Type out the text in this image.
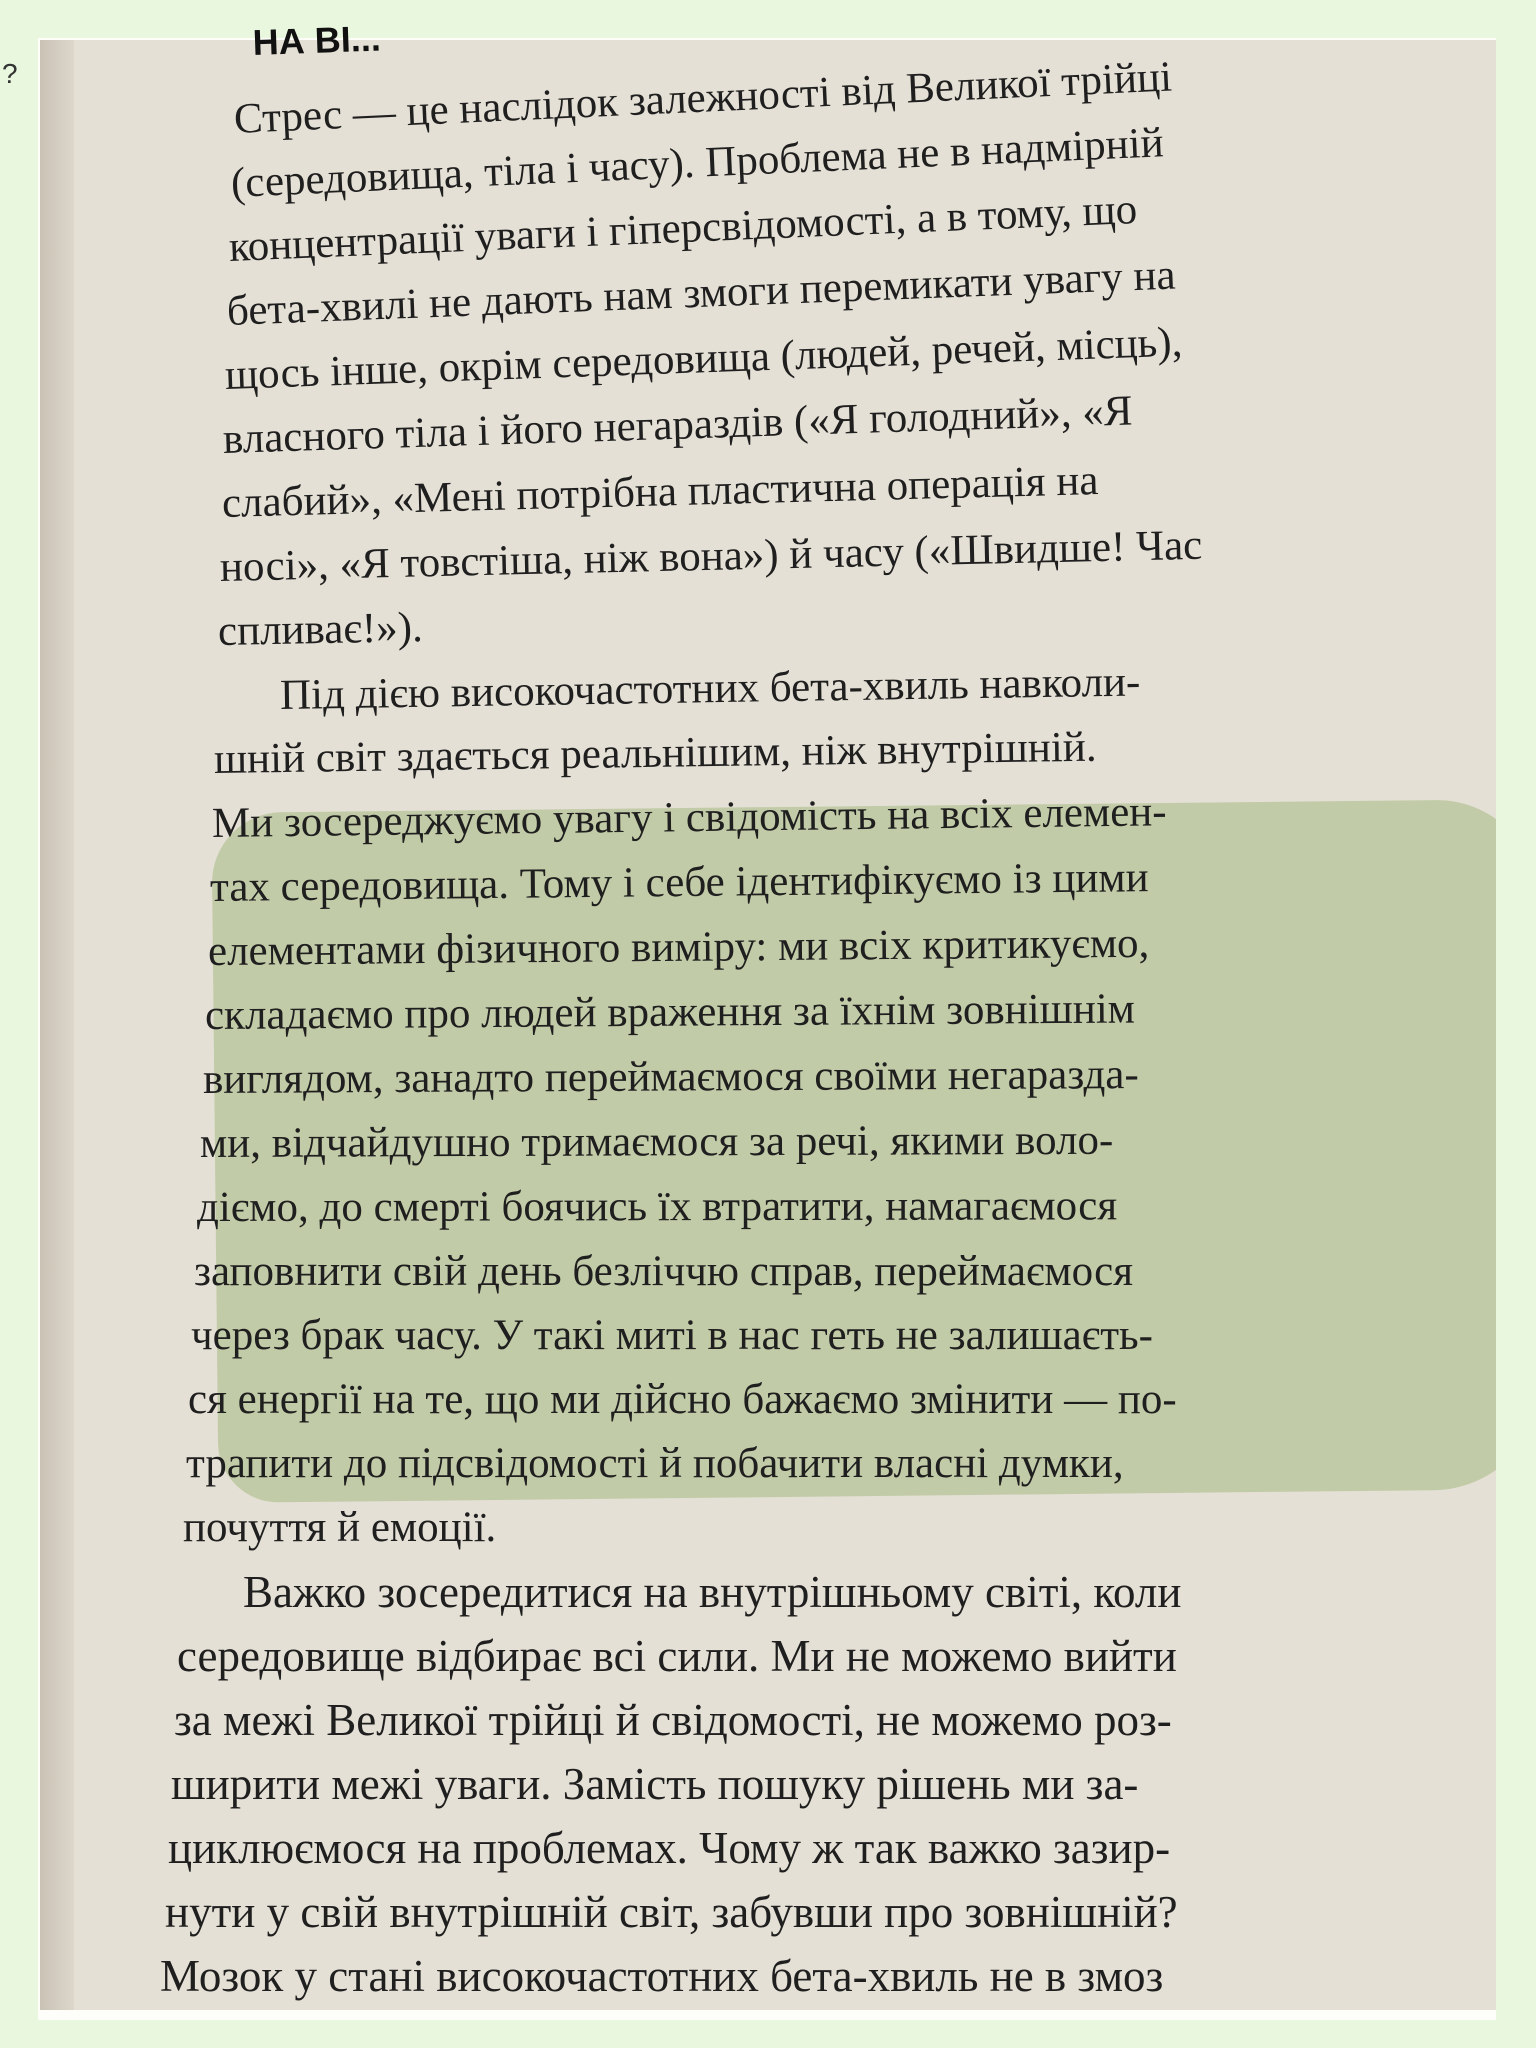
?
НА ВІ...
Стрес — це наслідок залежності від Великої трійці
(середовища, тіла і часу). Проблема не в надмірній
концентрації уваги і гіперсвідомості, а в тому, що
бета-хвилі не дають нам змоги перемикати увагу на
щось інше, окрім середовища (людей, речей, місць),
власного тіла і його негараздів («Я голодний», «Я
слабий», «Мені потрібна пластична операція на
носі», «Я товстіша, ніж вона») й часу («Швидше! Час
спливає!»).
Під дією високочастотних бета-хвиль навколи-
шній світ здається реальнішим, ніж внутрішній.
Ми зосереджуємо увагу і свідомість на всіх елемен-
тах середовища. Тому і себе ідентифікуємо із цими
елементами фізичного виміру: ми всіх критикуємо,
складаємо про людей враження за їхнім зовнішнім
виглядом, занадто переймаємося своїми негаразда-
ми, відчайдушно тримаємося за речі, якими воло-
діємо, до смерті боячись їх втратити, намагаємося
заповнити свій день безліччю справ, переймаємося
через брак часу. У такі миті в нас геть не залишаєть-
ся енергії на те, що ми дійсно бажаємо змінити — по-
трапити до підсвідомості й побачити власні думки,
почуття й емоції.
Важко зосередитися на внутрішньому світі, коли
середовище відбирає всі сили. Ми не можемо вийти
за межі Великої трійці й свідомості, не можемо роз-
ширити межі уваги. Замість пошуку рішень ми за-
циклюємося на проблемах. Чому ж так важко зазир-
нути у свій внутрішній світ, забувши про зовнішній?
Мозок у стані високочастотних бета-хвиль не в змоз
